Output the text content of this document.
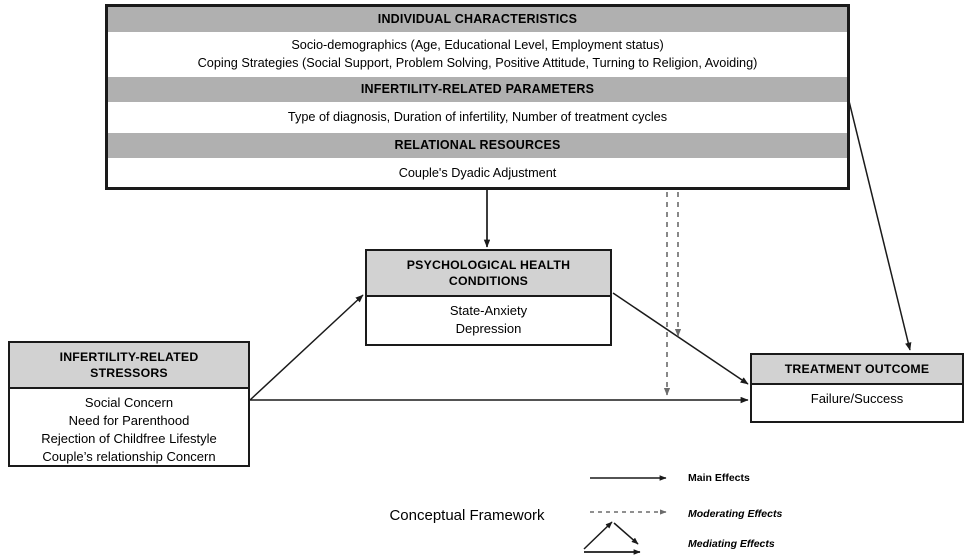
INDIVIDUAL CHARACTERISTICS
Socio-demographics (Age, Educational Level, Employment status)
Coping Strategies (Social Support, Problem Solving, Positive Attitude, Turning to Religion, Avoiding)
INFERTILITY-RELATED PARAMETERS
Type of diagnosis, Duration of infertility, Number of treatment cycles
RELATIONAL RESOURCES
Couple's Dyadic Adjustment
PSYCHOLOGICAL HEALTH
CONDITIONS
State-Anxiety
Depression
INFERTILITY-RELATED
STRESSORS
Social Concern
Need for Parenthood
Rejection of Childfree Lifestyle
Couple’s relationship Concern
TREATMENT OUTCOME
Failure/Success
Main Effects
Moderating Effects
Mediating Effects
Conceptual Framework
